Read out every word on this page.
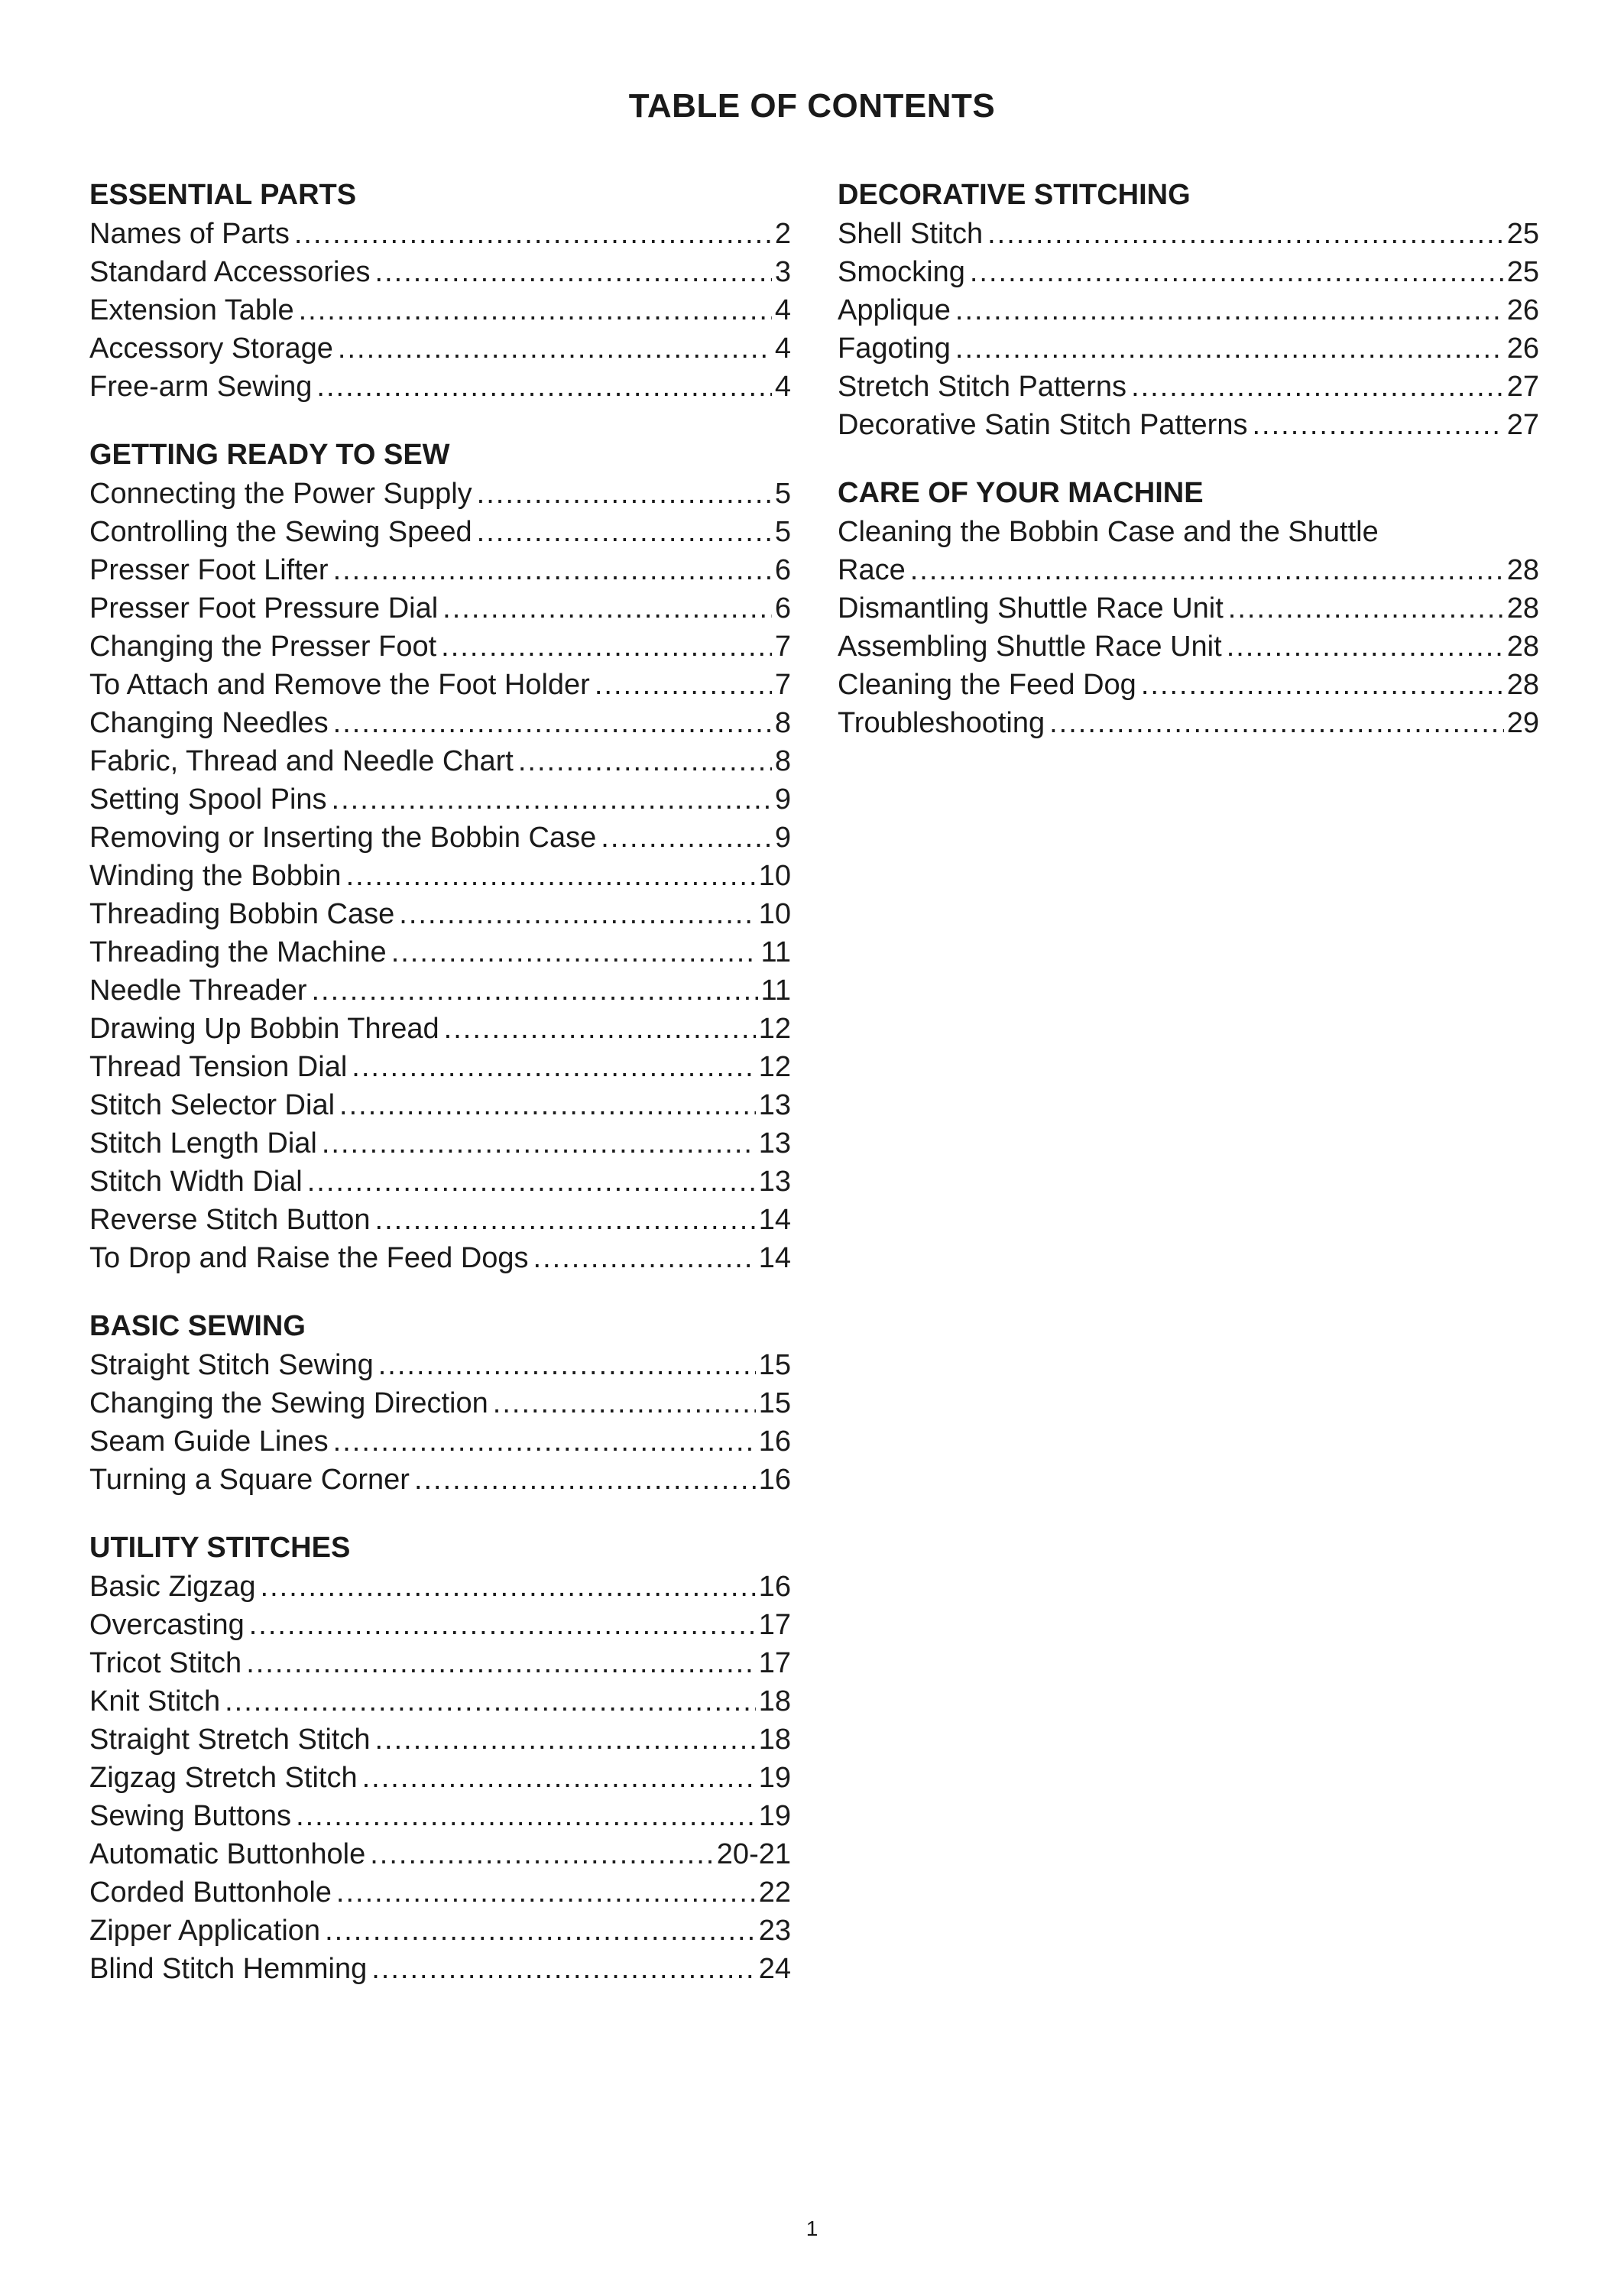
TABLE OF CONTENTS
ESSENTIAL PARTS
Names of Parts .....	2
Standard Accessories .....	3
Extension Table .....	4
Accessory Storage .....	4
Free-arm Sewing .....	4
GETTING READY TO SEW
Connecting the Power Supply .....	5
Controlling the Sewing Speed .....	5
Presser Foot Lifter .....	6
Presser Foot Pressure Dial .....	6
Changing the Presser Foot .....	7
To Attach and Remove the Foot Holder .....	7
Changing Needles .....	8
Fabric, Thread and Needle Chart .....	8
Setting Spool Pins .....	9
Removing or Inserting the Bobbin Case .....	9
Winding the Bobbin .....	10
Threading Bobbin Case .....	10
Threading the Machine .....	11
Needle Threader .....	11
Drawing Up Bobbin Thread .....	12
Thread Tension Dial .....	12
Stitch Selector Dial .....	13
Stitch Length Dial .....	13
Stitch Width Dial .....	13
Reverse Stitch Button .....	14
To Drop and Raise the Feed Dogs .....	14
BASIC SEWING
Straight Stitch Sewing .....	15
Changing the Sewing Direction .....	15
Seam Guide Lines .....	16
Turning a Square Corner .....	16
UTILITY STITCHES
Basic Zigzag .....	16
Overcasting .....	17
Tricot Stitch .....	17
Knit Stitch .....	18
Straight Stretch Stitch .....	18
Zigzag Stretch Stitch .....	19
Sewing Buttons .....	19
Automatic Buttonhole .....	20-21
Corded Buttonhole .....	22
Zipper Application .....	23
Blind Stitch Hemming .....	24
DECORATIVE STITCHING
Shell Stitch .....	25
Smocking .....	25
Applique .....	26
Fagoting .....	26
Stretch Stitch Patterns .....	27
Decorative Satin Stitch Patterns .....	27
CARE OF YOUR MACHINE
Cleaning the Bobbin Case and the Shuttle
Race .....	28
Dismantling Shuttle Race Unit .....	28
Assembling Shuttle Race Unit .....	28
Cleaning the Feed Dog .....	28
Troubleshooting .....	29
1
